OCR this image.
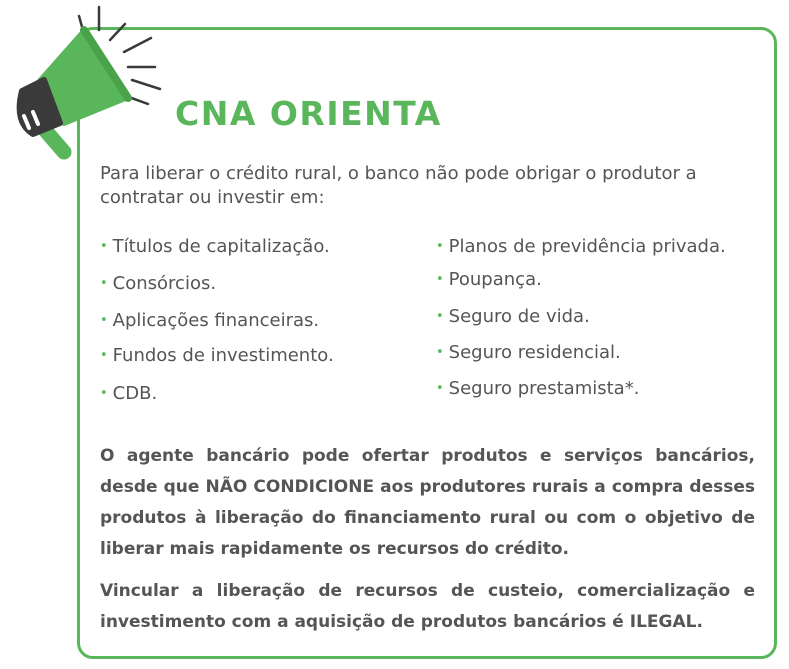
CNA ORIENTA

Para liberar o crédito rural, o banco não pode obrigar o produtor a contratar ou investir em:

• Títulos de capitalização.
• Consórcios.
• Aplicações financeiras.
• Fundos de investimento.
• CDB.
• Planos de previdência privada.
• Poupança.
• Seguro de vida.
• Seguro residencial.
• Seguro prestamista*.

O agente bancário pode ofertar produtos e serviços bancários, desde que NÃO CONDICIONE aos produtores rurais a compra desses produtos à liberação do financiamento rural ou com o objetivo de liberar mais rapidamente os recursos do crédito.

Vincular a liberação de recursos de custeio, comercialização e investimento com a aquisição de produtos bancários é ILEGAL.
